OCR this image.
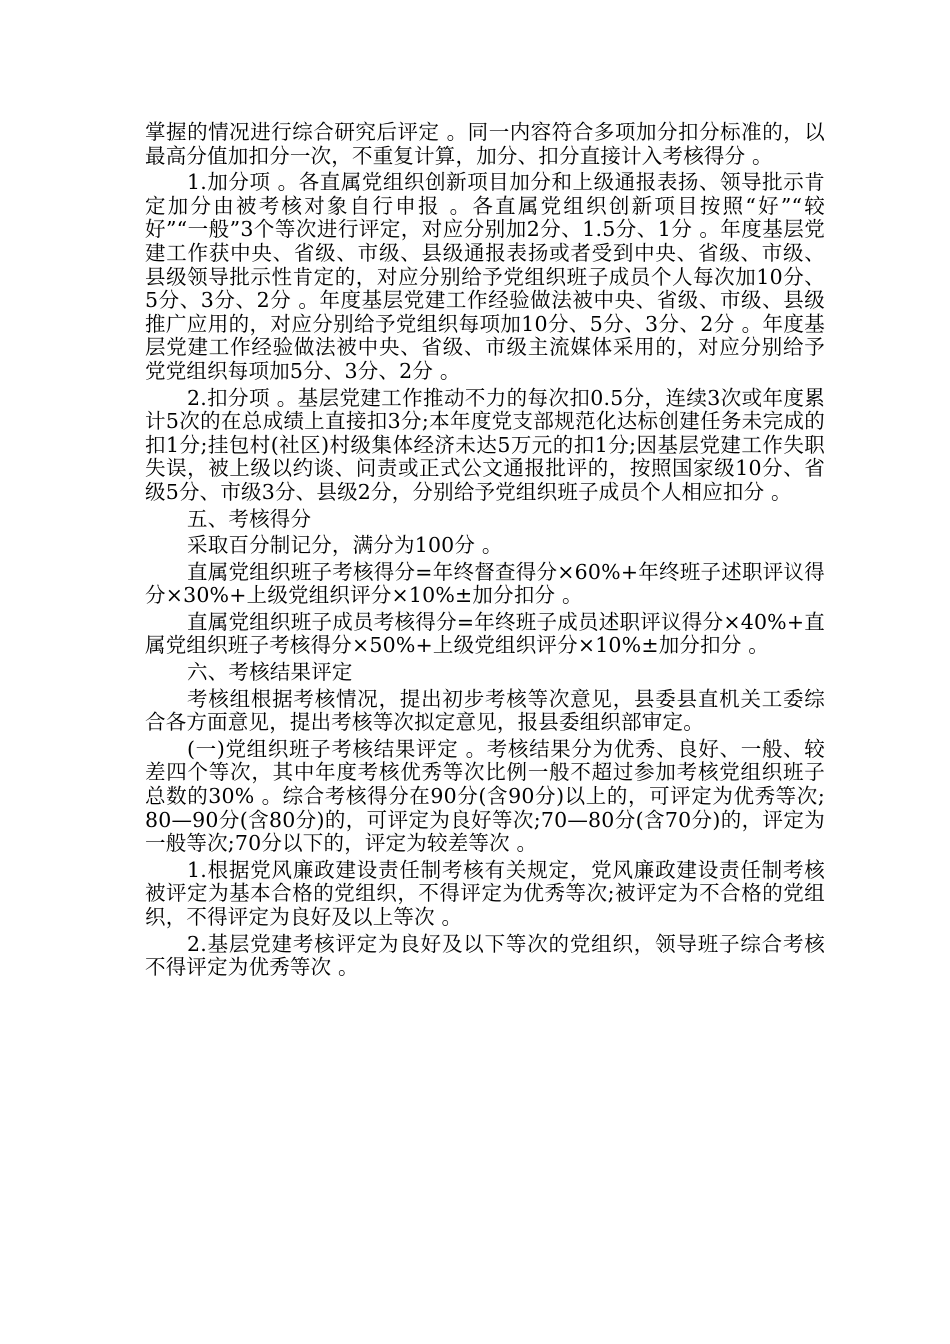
掌握的情况进行综合研究后评定 。同一内容符合多项加分扣分标准的，以最高分值加扣分一次，不重复计算，加分、扣分直接计入考核得分 。

1.加分项 。各直属党组织创新项目加分和上级通报表扬、领导批示肯定加分由被考核对象自行申报 。各直属党组织创新项目按照“好”“较好”“一般”3个等次进行评定，对应分别加2分、1.5分、1分 。年度基层党建工作获中央、省级、市级、县级通报表扬或者受到中央、省级、市级、县级领导批示性肯定的，对应分别给予党组织班子成员个人每次加10分、5分、3分、2分 。年度基层党建工作经验做法被中央、省级、市级、县级推广应用的，对应分别给予党组织每项加10分、5分、3分、2分 。年度基层党建工作经验做法被中央、省级、市级主流媒体采用的，对应分别给予党党组织每项加5分、3分、2分 。

2.扣分项 。基层党建工作推动不力的每次扣0.5分，连续3次或年度累计5次的在总成绩上直接扣3分;本年度党支部规范化达标创建任务未完成的扣1分;挂包村(社区)村级集体经济未达5万元的扣1分;因基层党建工作失职失误，被上级以约谈、问责或正式公文通报批评的，按照国家级10分、省级5分、市级3分、县级2分，分别给予党组织班子成员个人相应扣分 。

五、考核得分

采取百分制记分，满分为100分 。

直属党组织班子考核得分=年终督查得分×60%+年终班子述职评议得分×30%+上级党组织评分×10%±加分扣分 。

直属党组织班子成员考核得分=年终班子成员述职评议得分×40%+直属党组织班子考核得分×50%+上级党组织评分×10%±加分扣分 。

六、考核结果评定

考核组根据考核情况，提出初步考核等次意见，县委县直机关工委综合各方面意见，提出考核等次拟定意见，报县委组织部审定。

(一)党组织班子考核结果评定 。考核结果分为优秀、良好、一般、较差四个等次，其中年度考核优秀等次比例一般不超过参加考核党组织班子总数的30% 。综合考核得分在90分(含90分)以上的，可评定为优秀等次;80—90分(含80分)的，可评定为良好等次;70—80分(含70分)的，评定为一般等次;70分以下的，评定为较差等次 。

1.根据党风廉政建设责任制考核有关规定，党风廉政建设责任制考核被评定为基本合格的党组织，不得评定为优秀等次;被评定为不合格的党组织，不得评定为良好及以上等次 。

2.基层党建考核评定为良好及以下等次的党组织，领导班子综合考核不得评定为优秀等次 。
